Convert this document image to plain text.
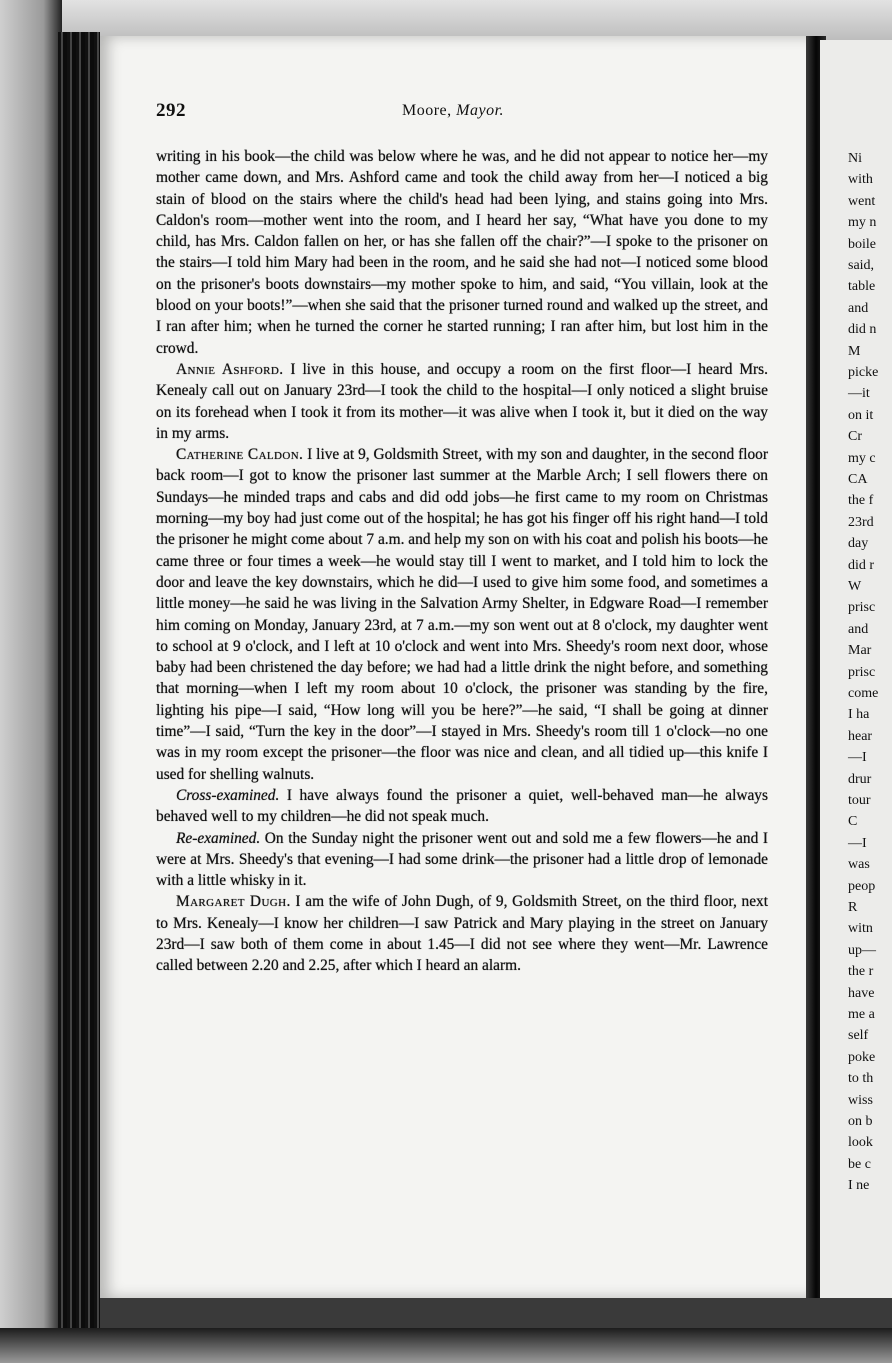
Ni
with
went
my n
boile
said,
table
and
did n
M
picke
—it
on it
Cr
my c
CA
the f
23rd
day
did r
W
prisc
and
Mar
prisc
come
I ha
hear
—I
drur
tour
C
—I
was
peop
R
witn
up—
the r
have
me a
self
poke
to th
wiss
on b
look
be c
I ne
292	Moore, Mayor.

writing in his book—the child was below where he was, and he did not appear to notice her—my mother came down, and Mrs. Ashford came and took the child away from her—I noticed a big stain of blood on the stairs where the child's head had been lying, and stains going into Mrs. Caldon's room—mother went into the room, and I heard her say, “What have you done to my child, has Mrs. Caldon fallen on her, or has she fallen off the chair?”—I spoke to the prisoner on the stairs—I told him Mary had been in the room, and he said she had not—I noticed some blood on the prisoner's boots downstairs—my mother spoke to him, and said, “You villain, look at the blood on your boots!”—when she said that the prisoner turned round and walked up the street, and I ran after him; when he turned the corner he started running; I ran after him, but lost him in the crowd.

Annie Ashford. I live in this house, and occupy a room on the first floor—I heard Mrs. Kenealy call out on January 23rd—I took the child to the hospital—I only noticed a slight bruise on its forehead when I took it from its mother—it was alive when I took it, but it died on the way in my arms.

Catherine Caldon. I live at 9, Goldsmith Street, with my son and daughter, in the second floor back room—I got to know the prisoner last summer at the Marble Arch; I sell flowers there on Sundays—he minded traps and cabs and did odd jobs—he first came to my room on Christmas morning—my boy had just come out of the hospital; he has got his finger off his right hand—I told the prisoner he might come about 7 a.m. and help my son on with his coat and polish his boots—he came three or four times a week—he would stay till I went to market, and I told him to lock the door and leave the key downstairs, which he did—I used to give him some food, and sometimes a little money—he said he was living in the Salvation Army Shelter, in Edgware Road—I remember him coming on Monday, January 23rd, at 7 a.m.—my son went out at 8 o'clock, my daughter went to school at 9 o'clock, and I left at 10 o'clock and went into Mrs. Sheedy's room next door, whose baby had been christened the day before; we had had a little drink the night before, and something that morning—when I left my room about 10 o'clock, the prisoner was standing by the fire, lighting his pipe—I said, “How long will you be here?”—he said, “I shall be going at dinner time”—I said, “Turn the key in the door”—I stayed in Mrs. Sheedy's room till 1 o'clock—no one was in my room except the prisoner—the floor was nice and clean, and all tidied up—this knife I used for shelling walnuts.

Cross-examined. I have always found the prisoner a quiet, well-behaved man—he always behaved well to my children—he did not speak much.

Re-examined. On the Sunday night the prisoner went out and sold me a few flowers—he and I were at Mrs. Sheedy's that evening—I had some drink—the prisoner had a little drop of lemonade with a little whisky in it.

Margaret Dugh. I am the wife of John Dugh, of 9, Goldsmith Street, on the third floor, next to Mrs. Kenealy—I know her children—I saw Patrick and Mary playing in the street on January 23rd—I saw both of them come in about 1.45—I did not see where they went—Mr. Lawrence called between 2.20 and 2.25, after which I heard an alarm.
